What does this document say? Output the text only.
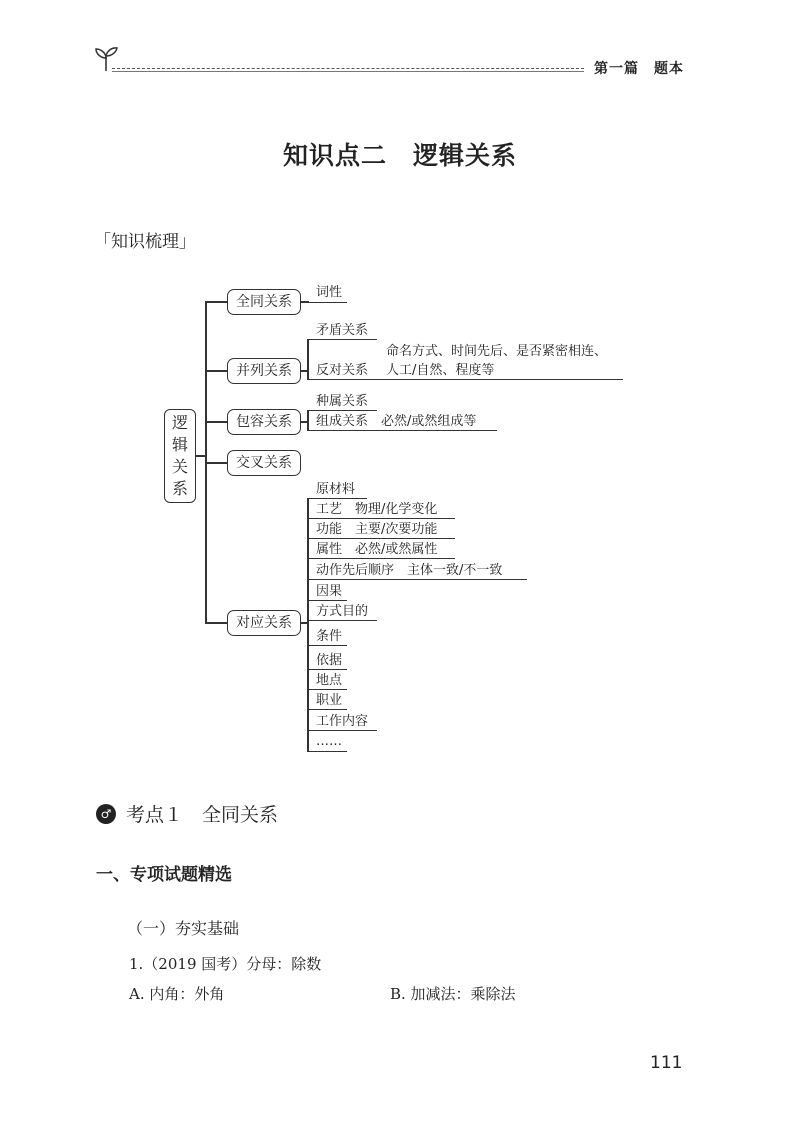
第一篇　题本
知识点二　逻辑关系
「知识梳理」
逻
辑
关
系
全同关系
并列关系
包容关系
交叉关系
对应关系
词性
矛盾关系
命名方式、时间先后、是否紧密相连、
反对关系 人工/自然、程度等
种属关系
组成关系　必然/或然组成等
原材料
工艺　物理/化学变化
功能　主要/次要功能
属性　必然/或然属性
动作先后顺序　主体一致/不一致
因果
方式目的
条件
依据
地点
职业
工作内容
……
♂ 考点１　全同关系
一、专项试题精选
（一）夯实基础
1.（2019 国考）分母：除数
A. 内角：外角	B. 加减法：乘除法
111
